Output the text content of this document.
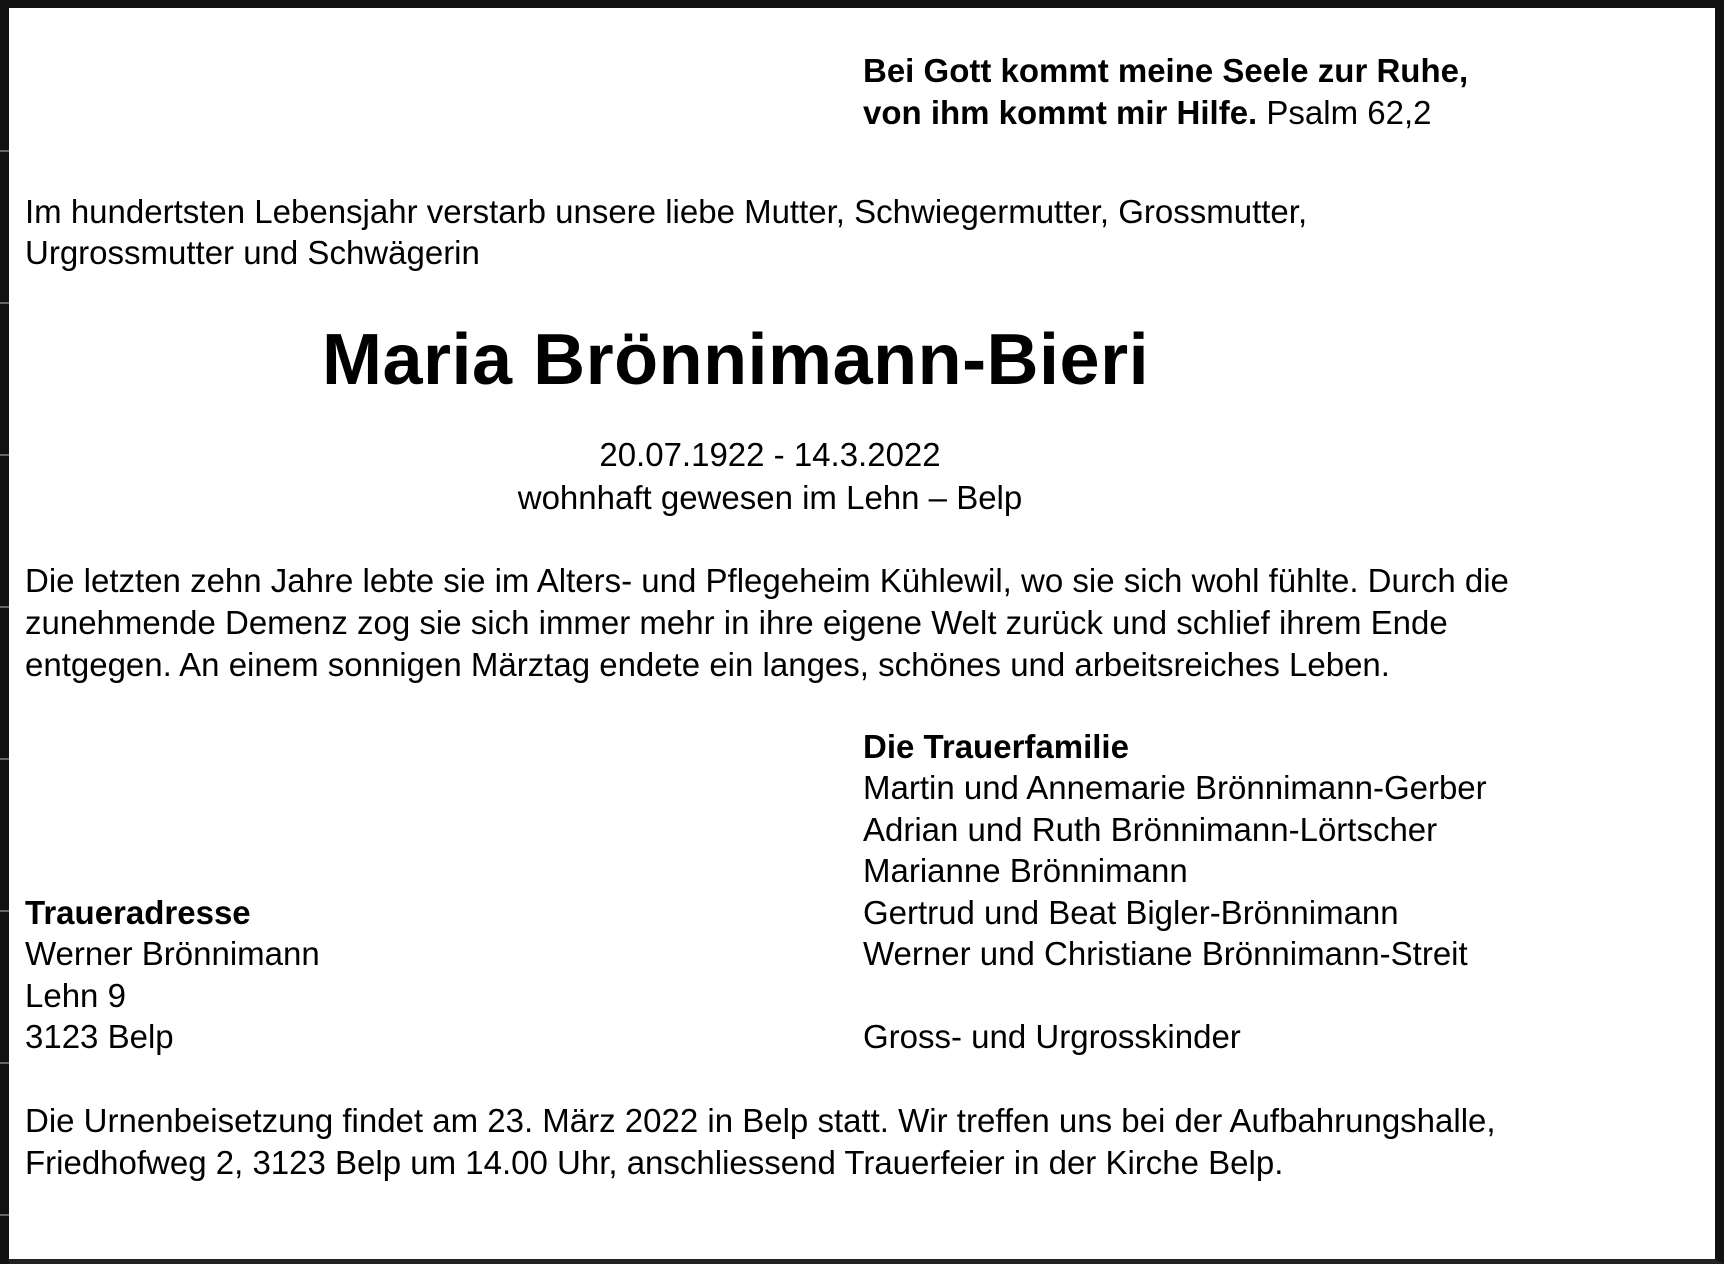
Bei Gott kommt meine Seele zur Ruhe,
von ihm kommt mir Hilfe. Psalm 62,2
Im hundertsten Lebensjahr verstarb unsere liebe Mutter, Schwiegermutter, Grossmutter,
Urgrossmutter und Schwägerin
Maria Brönnimann-Bieri
20.07.1922 - 14.3.2022
wohnhaft gewesen im Lehn – Belp
Die letzten zehn Jahre lebte sie im Alters- und Pflegeheim Kühlewil, wo sie sich wohl fühlte. Durch die
zunehmende Demenz zog sie sich immer mehr in ihre eigene Welt zurück und schlief ihrem Ende
entgegen. An einem sonnigen Märztag endete ein langes, schönes und arbeitsreiches Leben.
Die Trauerfamilie
Martin und Annemarie Brönnimann-Gerber
Adrian und Ruth Brönnimann-Lörtscher
Marianne Brönnimann
Gertrud und Beat Bigler-Brönnimann
Werner und Christiane Brönnimann-Streit
Gross- und Urgrosskinder
Traueradresse
Werner Brönnimann
Lehn 9
3123 Belp
Die Urnenbeisetzung findet am 23. März 2022 in Belp statt. Wir treffen uns bei der Aufbahrungshalle,
Friedhofweg 2, 3123 Belp um 14.00 Uhr, anschliessend Trauerfeier in der Kirche Belp.
